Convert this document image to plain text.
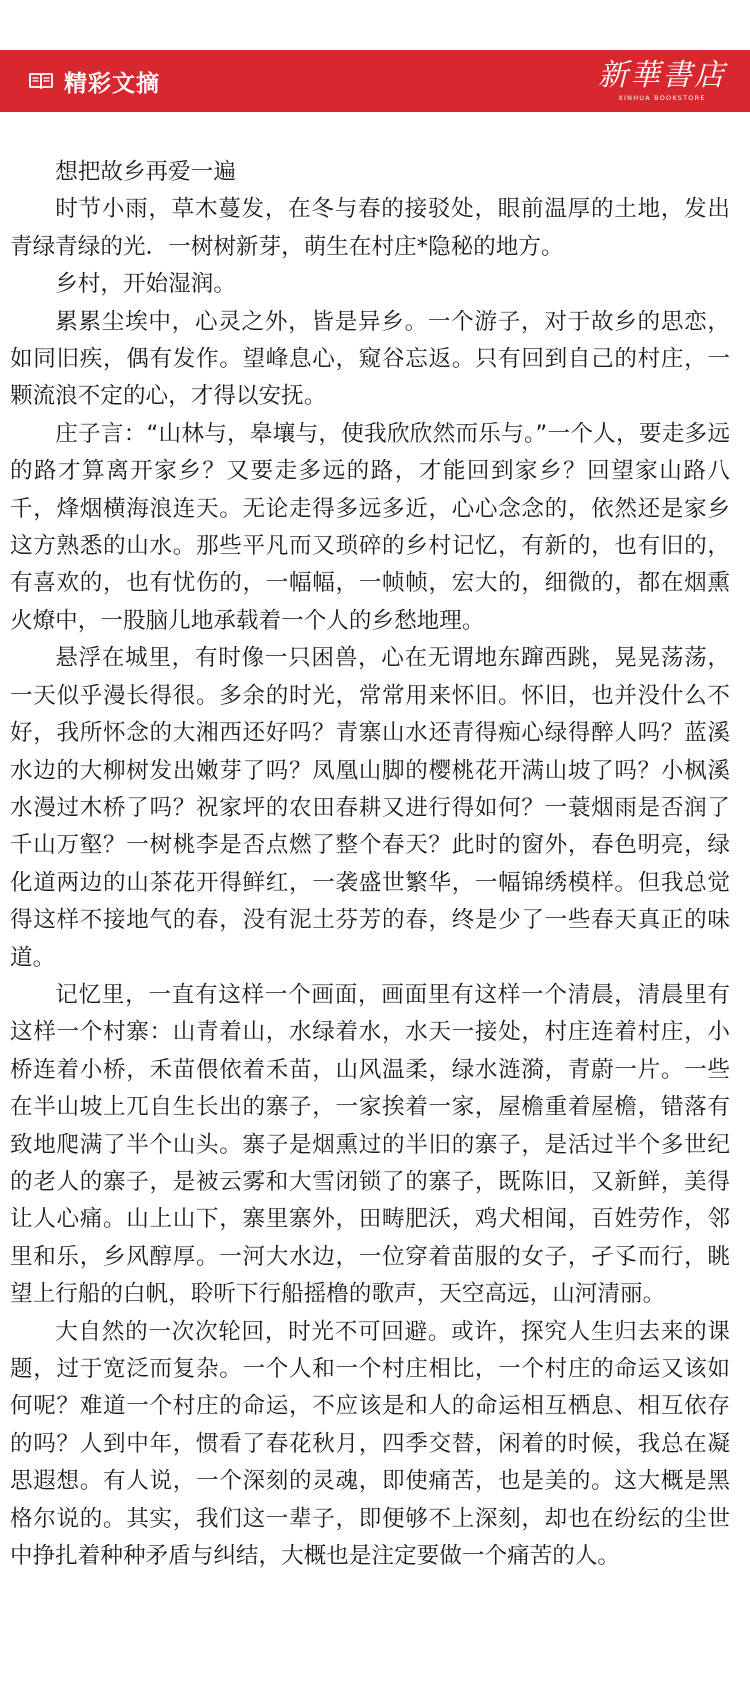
精彩文摘	新華書店
XINHUA BOOKSTORE

想把故乡再爱一遍

时节小雨，草木蔓发，在冬与春的接驳处，眼前温厚的土地，发出青绿青绿的光．一树树新芽，萌生在村庄*隐秘的地方。

乡村，开始湿润。

累累尘埃中，心灵之外，皆是异乡。一个游子，对于故乡的思恋，如同旧疾，偶有发作。望峰息心，窥谷忘返。只有回到自己的村庄，一颗流浪不定的心，才得以安抚。

庄子言：“山林与，皋壤与，使我欣欣然而乐与。”一个人，要走多远的路才算离开家乡？又要走多远的路，才能回到家乡？回望家山路八千，烽烟横海浪连天。无论走得多远多近，心心念念的，依然还是家乡这方熟悉的山水。那些平凡而又琐碎的乡村记忆，有新的，也有旧的，有喜欢的，也有忧伤的，一幅幅，一帧帧，宏大的，细微的，都在烟熏火燎中，一股脑儿地承载着一个人的乡愁地理。

悬浮在城里，有时像一只困兽，心在无谓地东蹿西跳，晃晃荡荡，一天似乎漫长得很。多余的时光，常常用来怀旧。怀旧，也并没什么不好，我所怀念的大湘西还好吗？青寨山水还青得痴心绿得醉人吗？蓝溪水边的大柳树发出嫩芽了吗？凤凰山脚的樱桃花开满山坡了吗？小枫溪水漫过木桥了吗？祝家坪的农田春耕又进行得如何？一蓑烟雨是否润了千山万壑？一树桃李是否点燃了整个春天？此时的窗外，春色明亮，绿化道两边的山茶花开得鲜红，一袭盛世繁华，一幅锦绣模样。但我总觉得这样不接地气的春，没有泥土芬芳的春，终是少了一些春天真正的味道。

记忆里，一直有这样一个画面，画面里有这样一个清晨，清晨里有这样一个村寨：山青着山，水绿着水，水天一接处，村庄连着村庄，小桥连着小桥，禾苗偎依着禾苗，山风温柔，绿水涟漪，青蔚一片。一些在半山坡上兀自生长出的寨子，一家挨着一家，屋檐重着屋檐，错落有致地爬满了半个山头。寨子是烟熏过的半旧的寨子，是活过半个多世纪的老人的寨子，是被云雾和大雪闭锁了的寨子，既陈旧，又新鲜，美得让人心痛。山上山下，寨里寨外，田畴肥沃，鸡犬相闻，百姓劳作，邻里和乐，乡风醇厚。一河大水边，一位穿着苗服的女子，孑孓而行，眺望上行船的白帆，聆听下行船摇橹的歌声，天空高远，山河清丽。

大自然的一次次轮回，时光不可回避。或许，探究人生归去来的课题，过于宽泛而复杂。一个人和一个村庄相比，一个村庄的命运又该如何呢？难道一个村庄的命运，不应该是和人的命运相互栖息、相互依存的吗？人到中年，惯看了春花秋月，四季交替，闲着的时候，我总在凝思遐想。有人说，一个深刻的灵魂，即使痛苦，也是美的。这大概是黑格尔说的。其实，我们这一辈子，即便够不上深刻，却也在纷纭的尘世中挣扎着种种矛盾与纠结，大概也是注定要做一个痛苦的人。
